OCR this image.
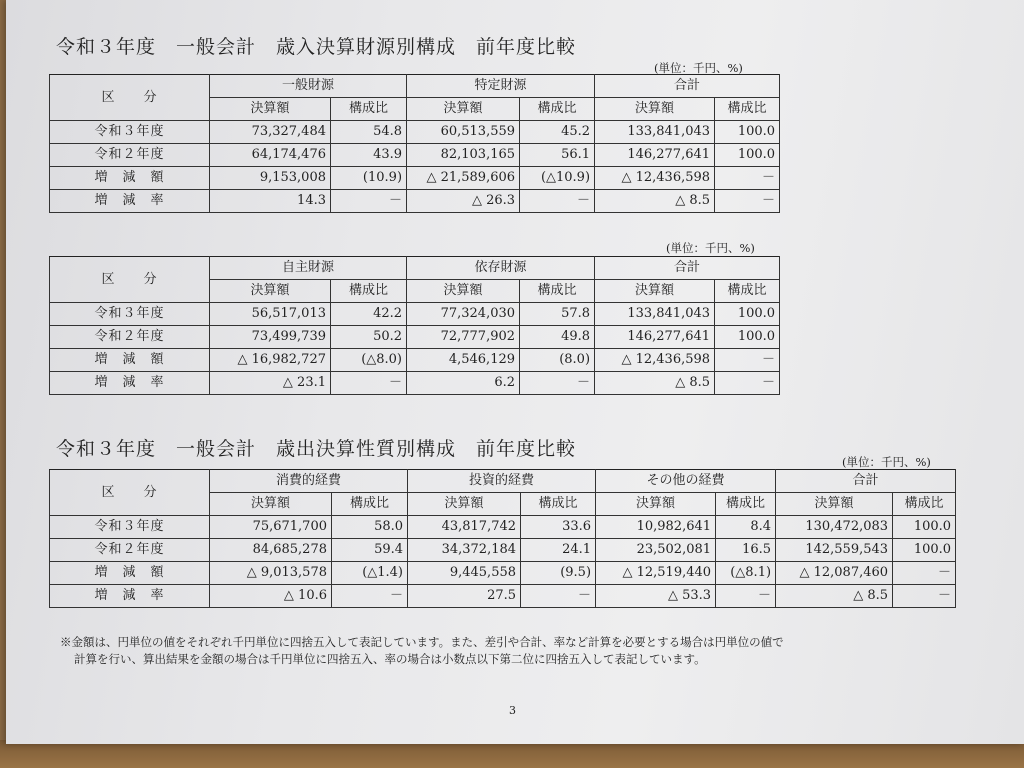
令和３年度　一般会計　歳入決算財源別構成　前年度比較
(単位：千円、%)
区　　分	一般財源		特定財源		合計	
	決算額	構成比	決算額	構成比	決算額	構成比
令和３年度	73,327,484	54.8	60,513,559	45.2	133,841,043	100.0
令和２年度	64,174,476	43.9	82,103,165	56.1	146,277,641	100.0
増　減　額	9,153,008	(10.9)	△ 21,589,606	(△10.9)	△ 12,436,598	－
増　減　率	14.3	－	△ 26.3	－	△ 8.5	－
(単位：千円、%)
区　　分	自主財源		依存財源		合計	
	決算額	構成比	決算額	構成比	決算額	構成比
令和３年度	56,517,013	42.2	77,324,030	57.8	133,841,043	100.0
令和２年度	73,499,739	50.2	72,777,902	49.8	146,277,641	100.0
増　減　額	△ 16,982,727	(△8.0)	4,546,129	(8.0)	△ 12,436,598	－
増　減　率	△ 23.1	－	6.2	－	△ 8.5	－
令和３年度　一般会計　歳出決算性質別構成　前年度比較
(単位：千円、%)
区　　分	消費的経費		投資的経費		その他の経費		合計	
	決算額	構成比	決算額	構成比	決算額	構成比	決算額	構成比
令和３年度	75,671,700	58.0	43,817,742	33.6	10,982,641	8.4	130,472,083	100.0
令和２年度	84,685,278	59.4	34,372,184	24.1	23,502,081	16.5	142,559,543	100.0
増　減　額	△ 9,013,578	(△1.4)	9,445,558	(9.5)	△ 12,519,440	(△8.1)	△ 12,087,460	－
増　減　率	△ 10.6	－	27.5	－	△ 53.3	－	△ 8.5	－
※金額は、円単位の値をそれぞれ千円単位に四捨五入して表記しています。また、差引や合計、率など計算を必要とする場合は円単位の値で
計算を行い、算出結果を金額の場合は千円単位に四捨五入、率の場合は小数点以下第二位に四捨五入して表記しています。
3
